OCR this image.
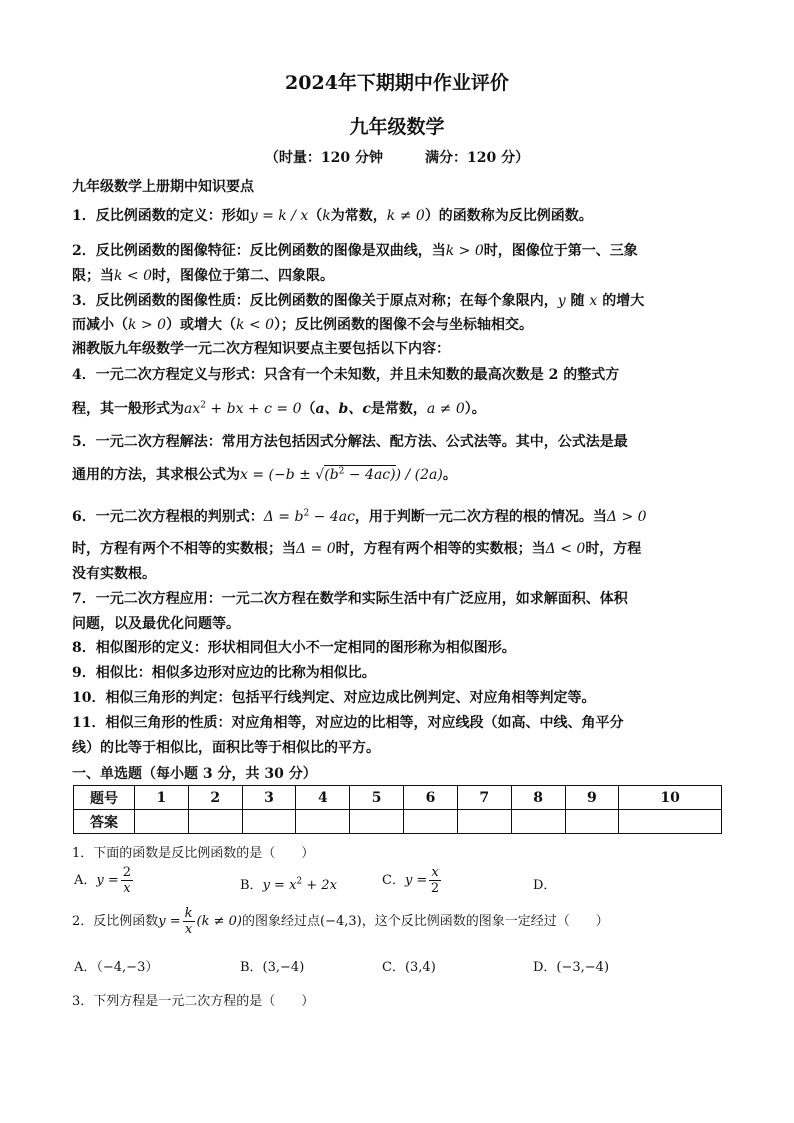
2024年下期期中作业评价
九年级数学
（时量：120 分钟	满分：120 分）
九年级数学上册期中知识要点
1．反比例函数的定义：形如y = k / x（k为常数，k ≠ 0）的函数称为反比例函数。
2．反比例函数的图像特征：反比例函数的图像是双曲线，当k > 0时，图像位于第一、三象
限；当k < 0时，图像位于第二、四象限。
3．反比例函数的图像性质：反比例函数的图像关于原点对称；在每个象限内，y 随 x 的增大
而减小（k > 0）或增大（k < 0）；反比例函数的图像不会与坐标轴相交。
湘教版九年级数学一元二次方程知识要点主要包括以下内容：
4．一元二次方程定义与形式：只含有一个未知数，并且未知数的最高次数是 2 的整式方
程，其一般形式为$ax^2$ + bx + c = 0（a、b、c是常数，a ≠ 0）。
5．一元二次方程解法：常用方法包括因式分解法、配方法、公式法等。其中，公式法是最
通用的方法，其求根公式为$x = (-b \pm √(b^2 - 4ac)) / (2a)$。
6．一元二次方程根的判别式：$\Delta = b^2 - 4ac$，用于判断一元二次方程的根的情况。当Δ > 0
时，方程有两个不相等的实数根；当Δ = 0时，方程有两个相等的实数根；当Δ < 0时，方程
没有实数根。
7．一元二次方程应用：一元二次方程在数学和实际生活中有广泛应用，如求解面积、体积
问题，以及最优化问题等。
8．相似图形的定义：形状相同但大小不一定相同的图形称为相似图形。
9．相似比：相似多边形对应边的比称为相似比。
10．相似三角形的判定：包括平行线判定、对应边成比例判定、对应角相等判定等。
11．相似三角形的性质：对应角相等，对应边的比相等，对应线段（如高、中线、角平分
线）的比等于相似比，面积比等于相似比的平方。
一、单选题（每小题 3 分，共 30 分）
题号	1	2	3	4	5	6	7	8	9	10
答案										
1．下面的函数是反比例函数的是（　　）
A．$y = \frac{2}{x}$	B．$y = x^2 + 2x$	C．$y = \frac{x}{2}$	D．
2．反比例函数$y = \frac{k}{x} (k \ne 0)$的图象经过点(−4,3)，这个反比例函数的图象一定经过（　　）
A．（−4,−3）	B．(3,−4)	C．(3,4)	D．(−3,−4)
3．下列方程是一元二次方程的是（　　）
